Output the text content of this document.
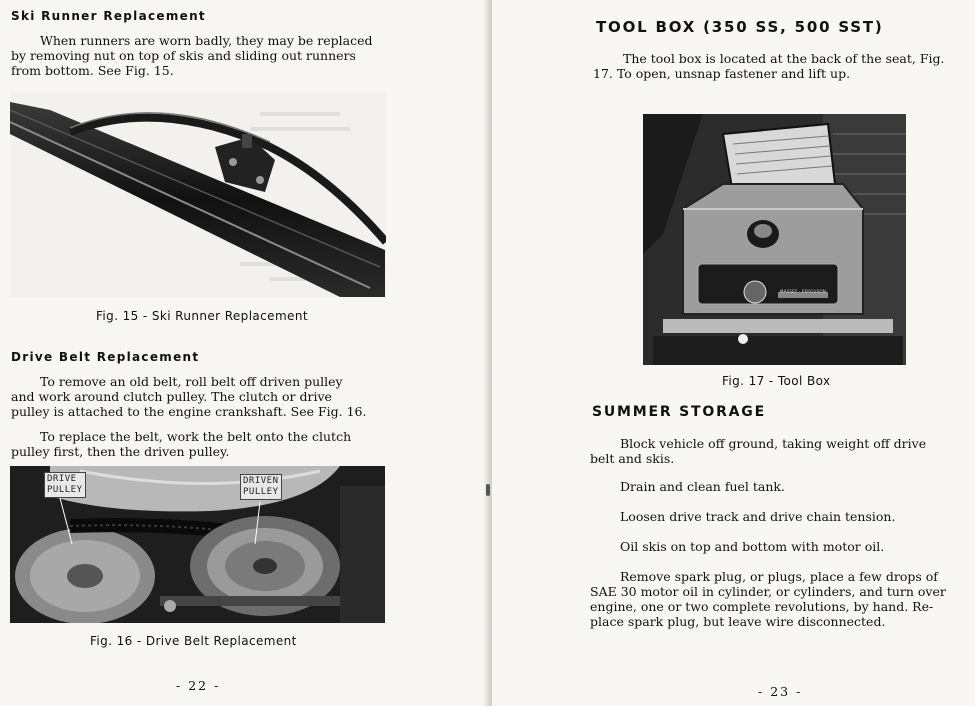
Ski Runner Replacement
When runners are worn badly, they may be replaced
by removing nut on top of skis and sliding out runners
from bottom. See Fig. 15.
Fig. 15 - Ski Runner Replacement
Drive Belt Replacement
To remove an old belt, roll belt off driven pulley
and work around clutch pulley. The clutch or drive
pulley is attached to the engine crankshaft. See Fig. 16.
To replace the belt, work the belt onto the clutch
pulley first, then the driven pulley.
DRIVE
PULLEY
DRIVEN
PULLEY
Fig. 16 - Drive Belt Replacement
- 22 -
TOOL BOX (350 SS, 500 SST)
The tool box is located at the back of the seat, Fig.
17. To open, unsnap fastener and lift up.
MASSEY - FERGUSON
Fig. 17 - Tool Box
SUMMER STORAGE
Block vehicle off ground, taking weight off drive
belt and skis.
Drain and clean fuel tank.
Loosen drive track and drive chain tension.
Oil skis on top and bottom with motor oil.
Remove spark plug, or plugs, place a few drops of
SAE 30 motor oil in cylinder, or cylinders, and turn over
engine, one or two complete revolutions, by hand. Re-
place spark plug, but leave wire disconnected.
- 23 -
